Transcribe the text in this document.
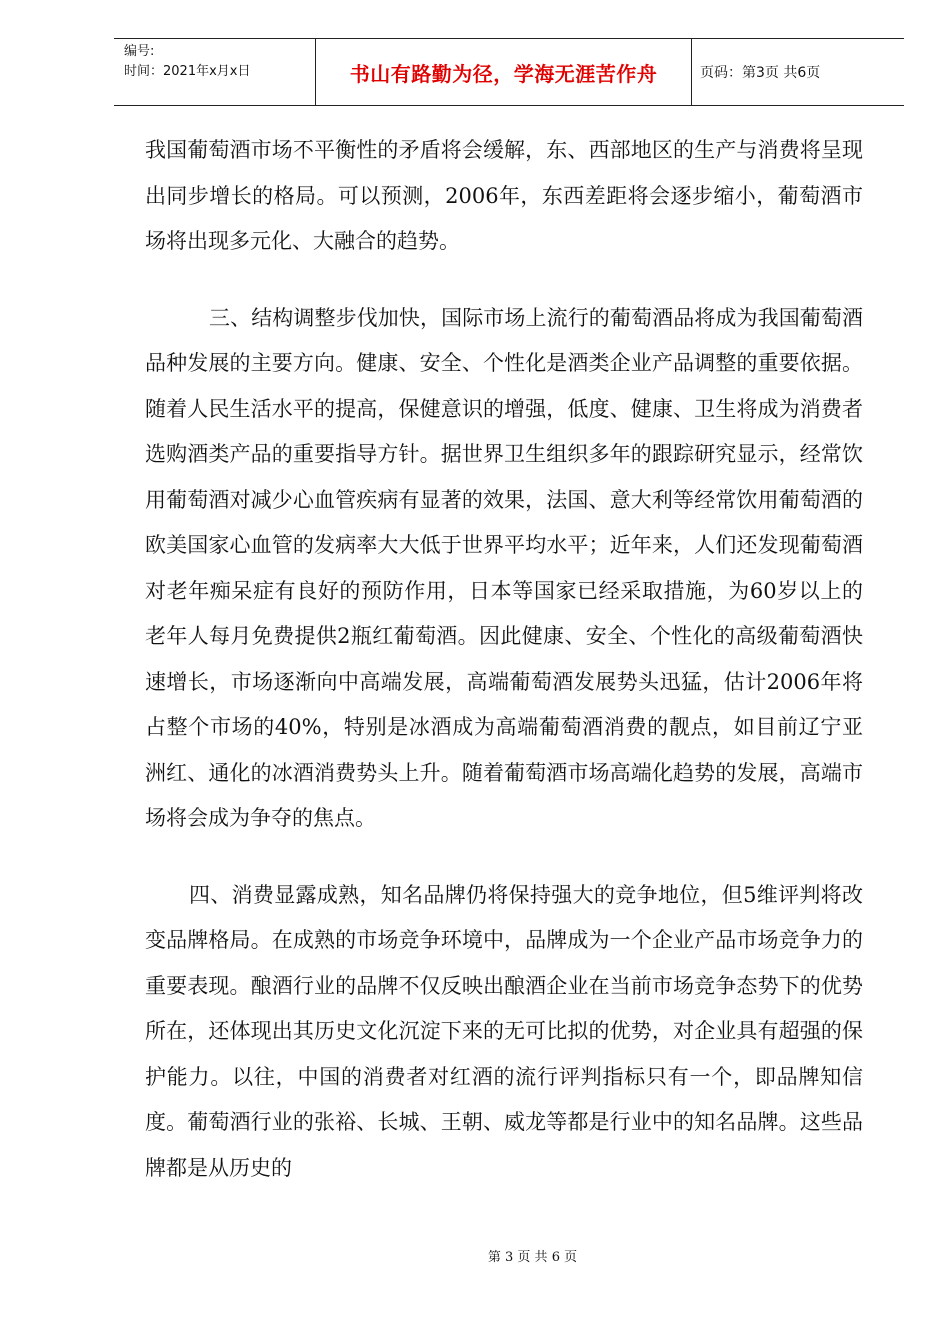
编号:
时间：2021年x月x日	书山有路勤为径，学海无涯苦作舟	页码：第3页 共6页

我国葡萄酒市场不平衡性的矛盾将会缓解，东、西部地区的生产与消费将呈现出同步增长的格局。可以预测，2006年，东西差距将会逐步缩小，葡萄酒市场将出现多元化、大融合的趋势。

三、结构调整步伐加快，国际市场上流行的葡萄酒品将成为我国葡萄酒品种发展的主要方向。健康、安全、个性化是酒类企业产品调整的重要依据。随着人民生活水平的提高，保健意识的增强，低度、健康、卫生将成为消费者选购酒类产品的重要指导方针。据世界卫生组织多年的跟踪研究显示，经常饮用葡萄酒对减少心血管疾病有显著的效果，法国、意大利等经常饮用葡萄酒的欧美国家心血管的发病率大大低于世界平均水平；近年来，人们还发现葡萄酒对老年痴呆症有良好的预防作用，日本等国家已经采取措施，为60岁以上的老年人每月免费提供2瓶红葡萄酒。因此健康、安全、个性化的高级葡萄酒快速增长，市场逐渐向中高端发展，高端葡萄酒发展势头迅猛，估计2006年将占整个市场的40%，特别是冰酒成为高端葡萄酒消费的靓点，如目前辽宁亚洲红、通化的冰酒消费势头上升。随着葡萄酒市场高端化趋势的发展，高端市场将会成为争夺的焦点。

四、消费显露成熟，知名品牌仍将保持强大的竞争地位，但5维评判将改变品牌格局。在成熟的市场竞争环境中，品牌成为一个企业产品市场竞争力的重要表现。酿酒行业的品牌不仅反映出酿酒企业在当前市场竞争态势下的优势所在，还体现出其历史文化沉淀下来的无可比拟的优势，对企业具有超强的保护能力。以往，中国的消费者对红酒的流行评判指标只有一个，即品牌知信度。葡萄酒行业的张裕、长城、王朝、威龙等都是行业中的知名品牌。这些品牌都是从历史的

第 3 页 共 6 页
